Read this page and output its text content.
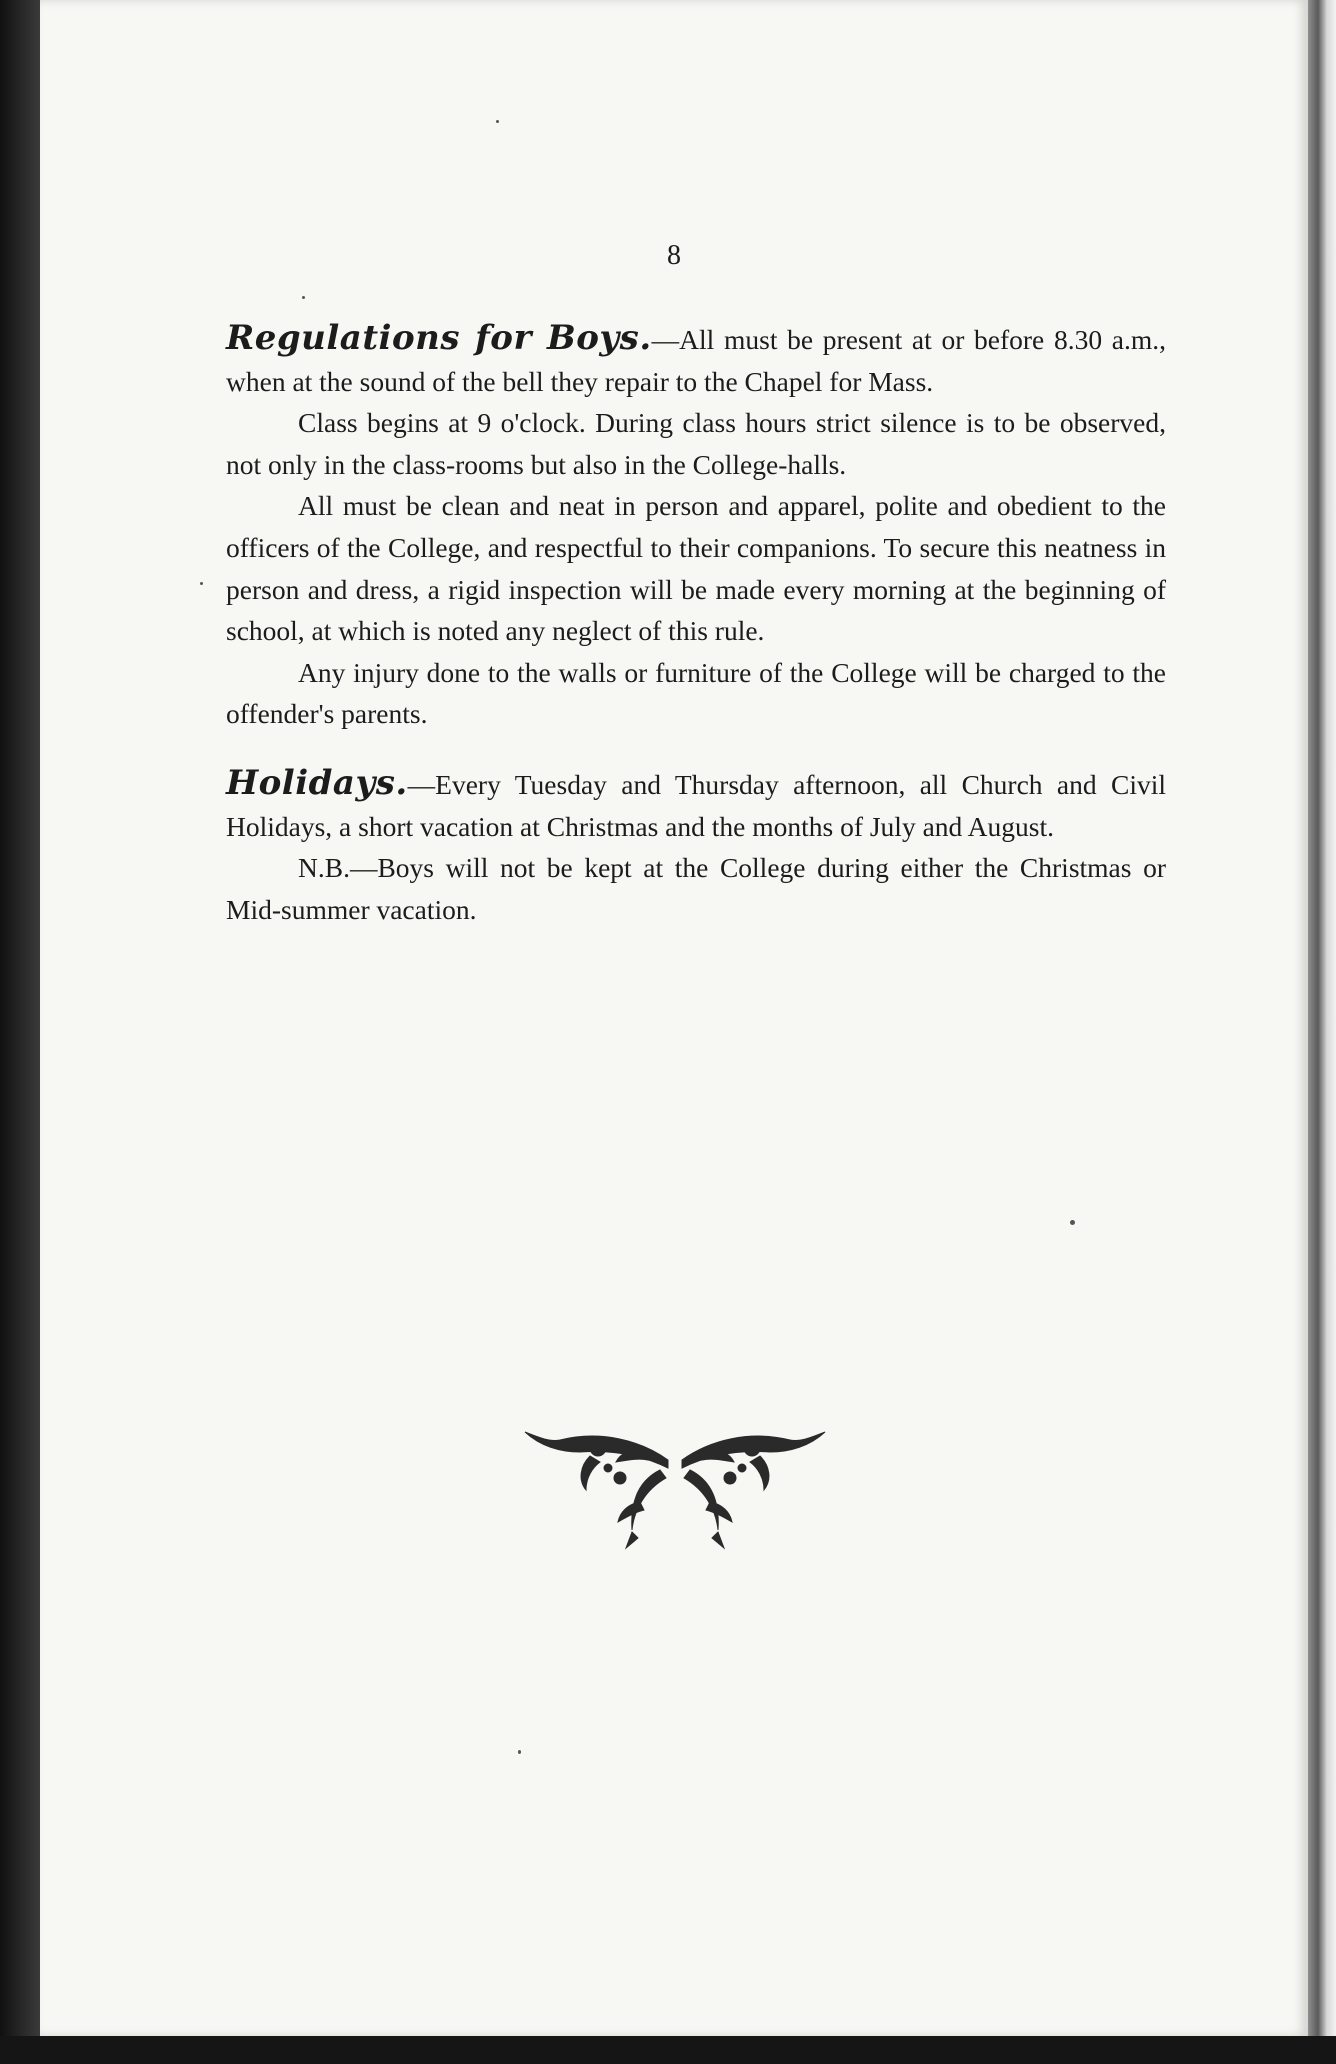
8

Regulations for Boys.—All must be present at or before 8.30 a.m., when at the sound of the bell they repair to the Chapel for Mass.

Class begins at 9 o'clock. During class hours strict silence is to be observed, not only in the class-rooms but also in the College-halls.

All must be clean and neat in person and apparel, polite and obedient to the officers of the College, and respectful to their companions. To secure this neatness in person and dress, a rigid inspection will be made every morning at the beginning of school, at which is noted any neglect of this rule.

Any injury done to the walls or furniture of the College will be charged to the offender's parents.

Holidays.—Every Tuesday and Thursday afternoon, all Church and Civil Holidays, a short vacation at Christmas and the months of July and August.

N.B.—Boys will not be kept at the College during either the Christmas or Mid-summer vacation.
